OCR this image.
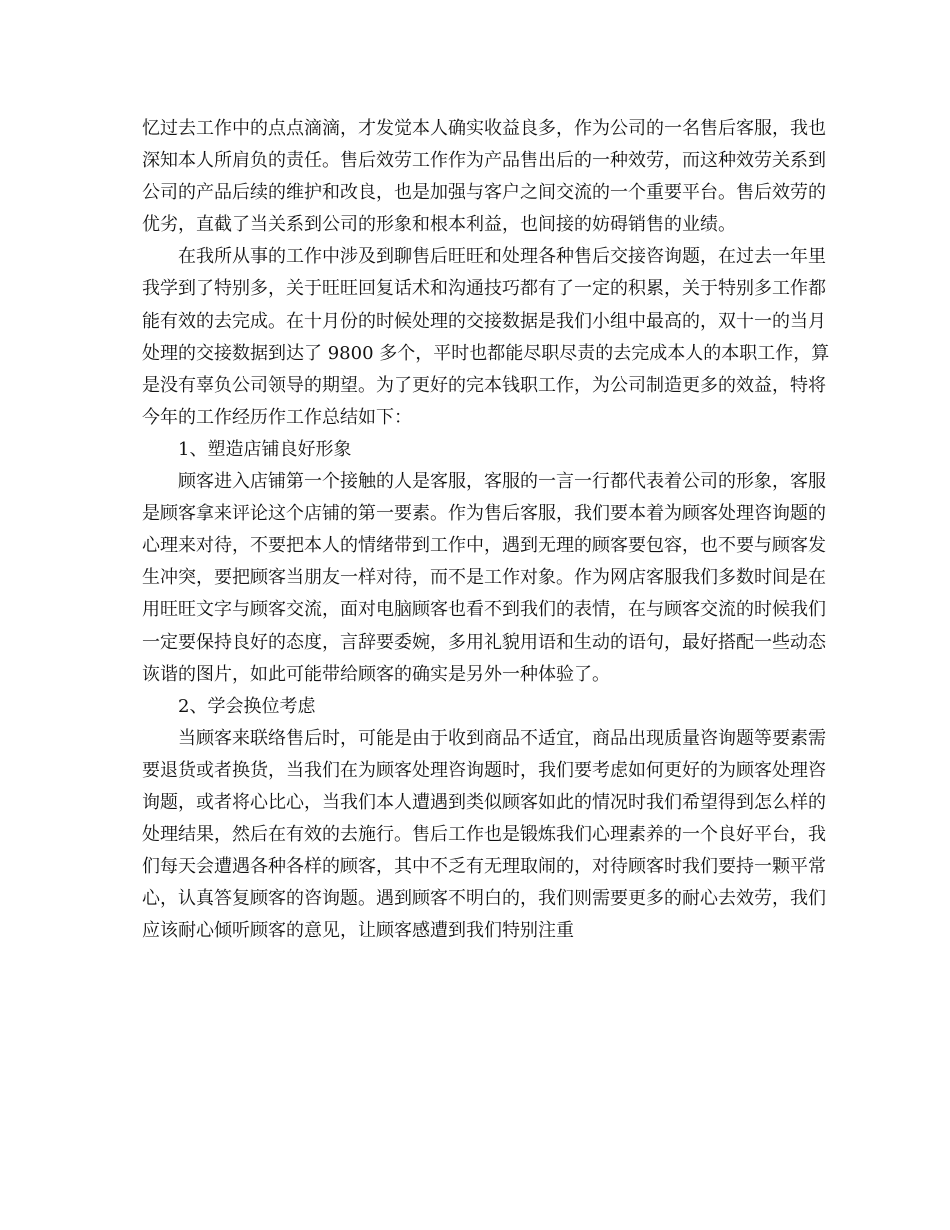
忆过去工作中的点点滴滴，才发觉本人确实收益良多，作为公司的一名售后客服，我也深知本人所肩负的责任。售后效劳工作作为产品售出后的一种效劳，而这种效劳关系到公司的产品后续的维护和改良，也是加强与客户之间交流的一个重要平台。售后效劳的优劣，直截了当关系到公司的形象和根本利益，也间接的妨碍销售的业绩。

在我所从事的工作中涉及到聊售后旺旺和处理各种售后交接咨询题，在过去一年里我学到了特别多，关于旺旺回复话术和沟通技巧都有了一定的积累，关于特别多工作都能有效的去完成。在十月份的时候处理的交接数据是我们小组中最高的，双十一的当月处理的交接数据到达了 9800 多个，平时也都能尽职尽责的去完成本人的本职工作，算是没有辜负公司领导的期望。为了更好的完本钱职工作，为公司制造更多的效益，特将今年的工作经历作工作总结如下：

1、塑造店铺良好形象

顾客进入店铺第一个接触的人是客服，客服的一言一行都代表着公司的形象，客服是顾客拿来评论这个店铺的第一要素。作为售后客服，我们要本着为顾客处理咨询题的心理来对待，不要把本人的情绪带到工作中，遇到无理的顾客要包容，也不要与顾客发生冲突，要把顾客当朋友一样对待，而不是工作对象。作为网店客服我们多数时间是在用旺旺文字与顾客交流，面对电脑顾客也看不到我们的表情，在与顾客交流的时候我们一定要保持良好的态度，言辞要委婉，多用礼貌用语和生动的语句，最好搭配一些动态诙谐的图片，如此可能带给顾客的确实是另外一种体验了。

2、学会换位考虑

当顾客来联络售后时，可能是由于收到商品不适宜，商品出现质量咨询题等要素需要退货或者换货，当我们在为顾客处理咨询题时，我们要考虑如何更好的为顾客处理咨询题，或者将心比心，当我们本人遭遇到类似顾客如此的情况时我们希望得到怎么样的处理结果，然后在有效的去施行。售后工作也是锻炼我们心理素养的一个良好平台，我们每天会遭遇各种各样的顾客，其中不乏有无理取闹的，对待顾客时我们要持一颗平常心，认真答复顾客的咨询题。遇到顾客不明白的，我们则需要更多的耐心去效劳，我们应该耐心倾听顾客的意见，让顾客感遭到我们特别注重
